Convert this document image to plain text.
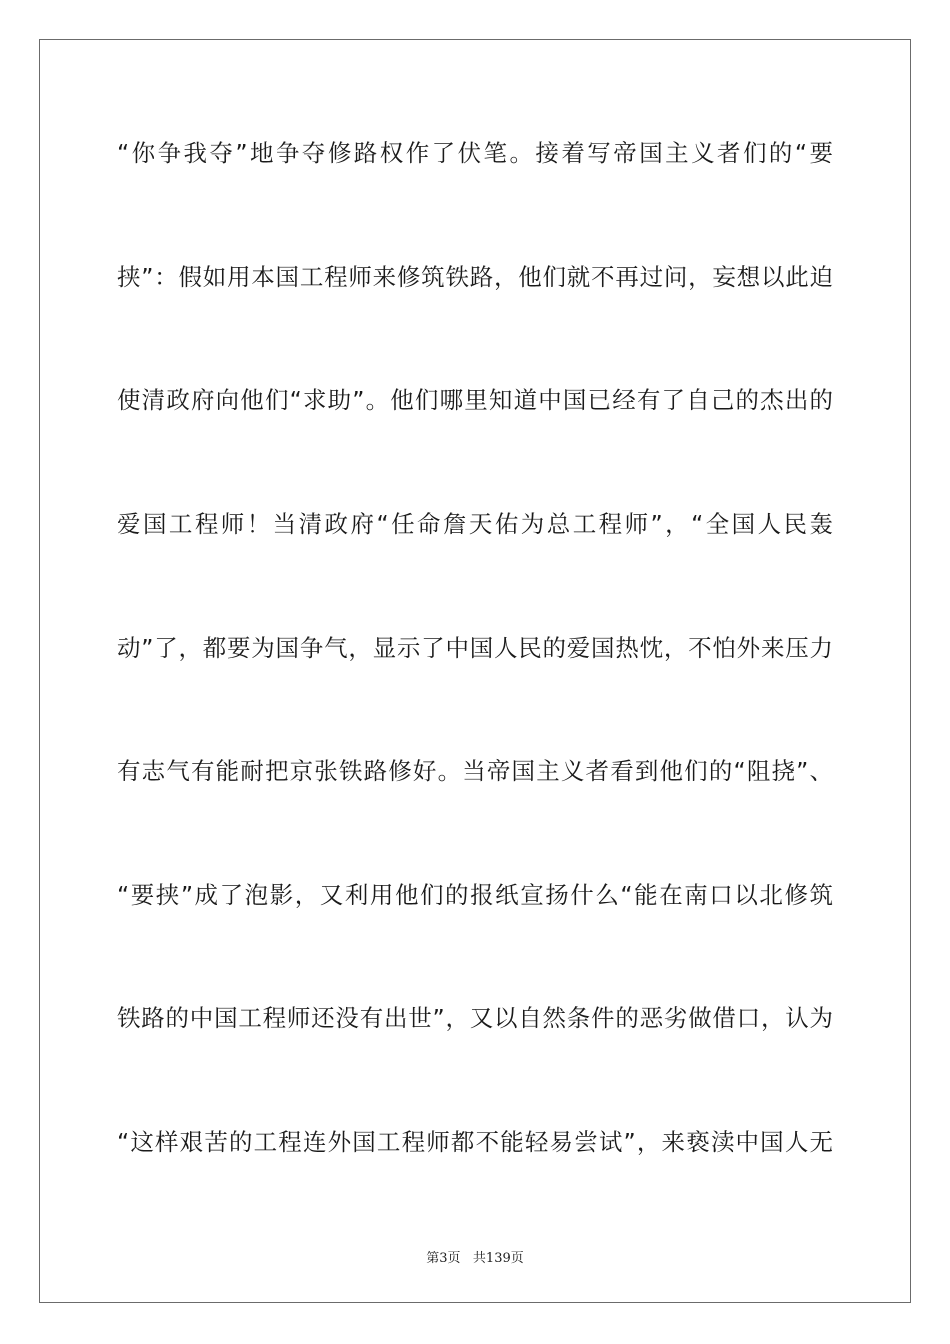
“你争我夺”地争夺修路权作了伏笔。接着写帝国主义者们的“要
挟”：假如用本国工程师来修筑铁路，他们就不再过问，妄想以此迫
使清政府向他们“求助”。他们哪里知道中国已经有了自己的杰出的
爱国工程师！当清政府“任命詹天佑为总工程师”，“全国人民轰
动”了，都要为国争气，显示了中国人民的爱国热忱，不怕外来压力
有志气有能耐把京张铁路修好。当帝国主义者看到他们的“阻挠”、
“要挟”成了泡影，又利用他们的报纸宣扬什么“能在南口以北修筑
铁路的中国工程师还没有出世”，又以自然条件的恶劣做借口，认为
“这样艰苦的工程连外国工程师都不能轻易尝试”，来亵渎中国人无
第3页 共139页
